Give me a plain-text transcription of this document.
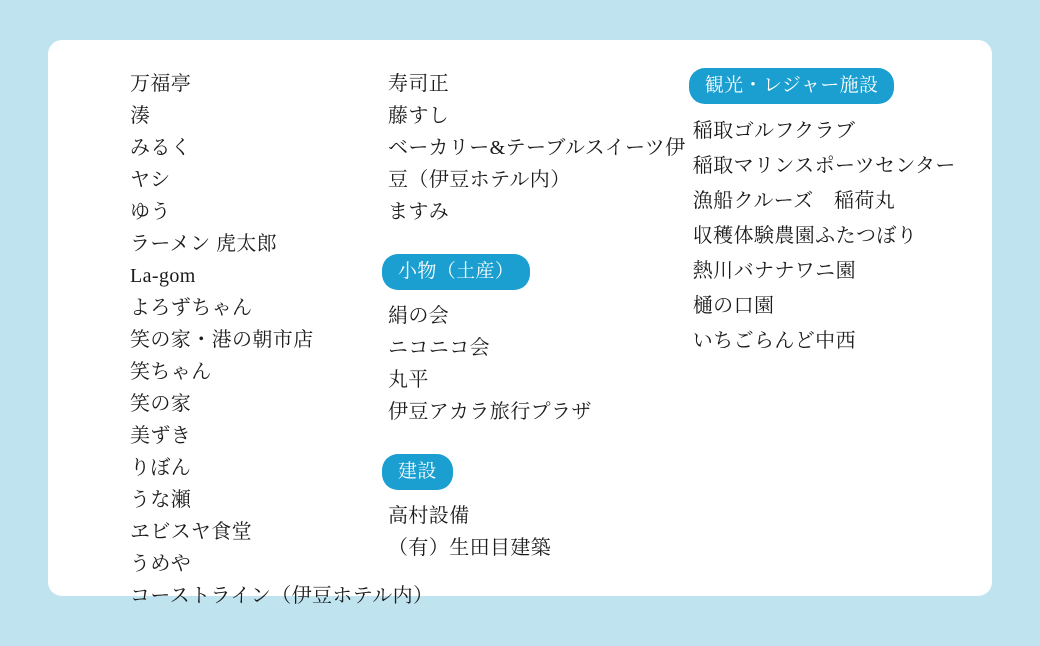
万福亭
湊
みるく
ヤシ
ゆう
ラーメン 虎太郎
La-gom
よろずちゃん
笑の家・港の朝市店
笑ちゃん
笑の家
美ずき
りぼん
うな瀬
ヱビスヤ食堂
うめや
コーストライン（伊豆ホテル内）
寿司正
藤すし
ベーカリー&テーブルスイーツ伊豆（伊豆ホテル内）
ますみ
小物（土産）
絹の会
ニコニコ会
丸平
伊豆アカラ旅行プラザ
建設
高村設備
（有）生田目建築
観光・レジャー施設
稲取ゴルフクラブ
稲取マリンスポーツセンター
漁船クルーズ　稲荷丸
収穫体験農園ふたつぼり
熱川バナナワニ園
樋の口園
いちごらんど中西
